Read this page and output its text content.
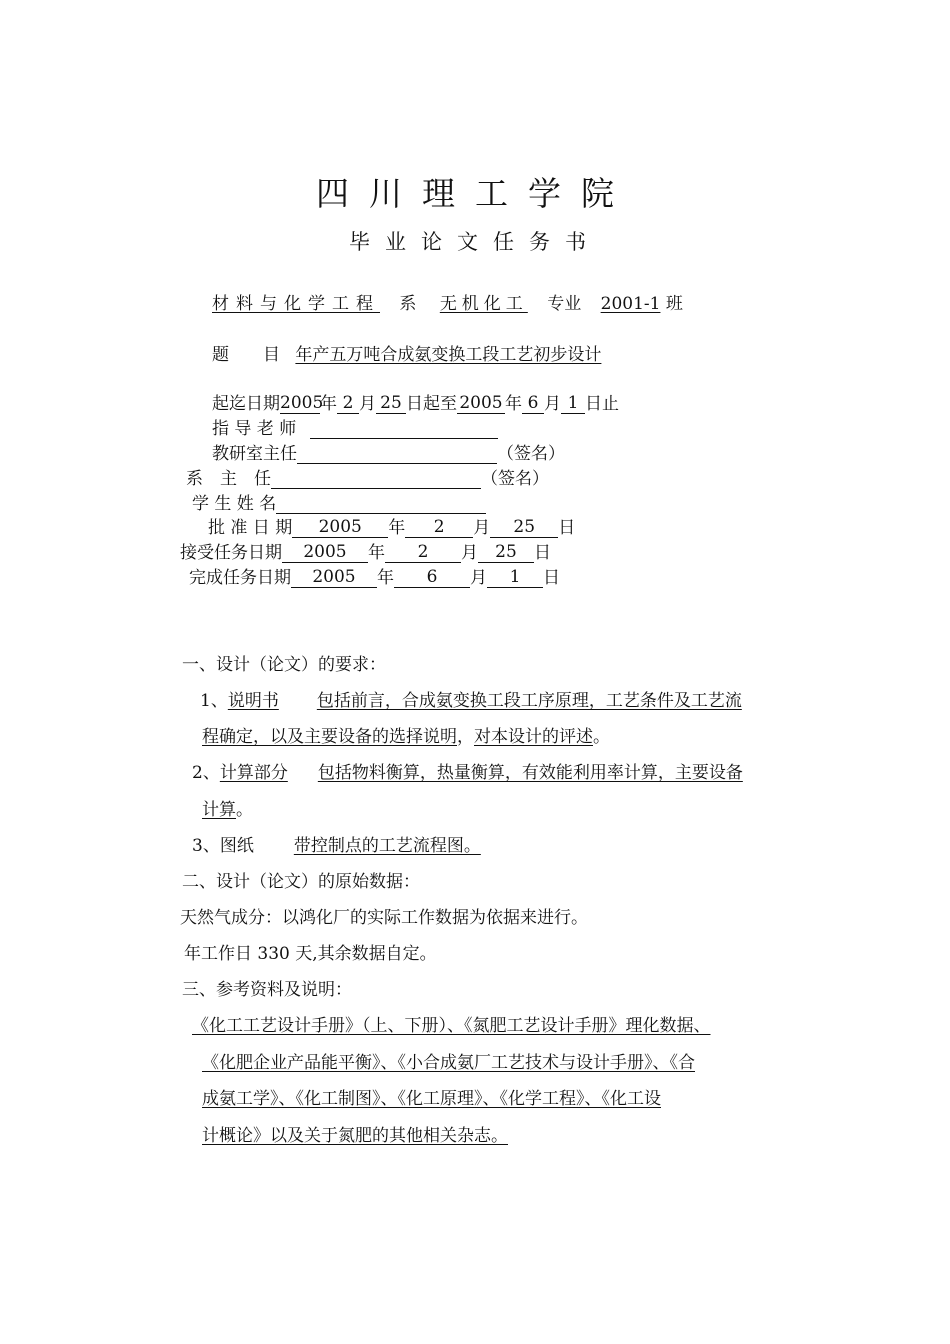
四川理工学院
毕业论文任务书
材料与化学工程 系 无机化工 专业 2001-1 班
题　　目 年产五万吨合成氨变换工段工艺初步设计
起迄日期2005年 2 月 25 日起至 2005 年 6 月 1 日止
指 导 老 师
教研室主任	（签名）
系　主　任	（签名）
学 生 姓 名
批 准 日 期 2005 年 2 月 25 日
接受任务日期 2005 年 2 月 25 日
完成任务日期 2005 年 6 月 1 日
一、设计（论文）的要求：
1、说明书 包括前言，合成氨变换工段工序原理，工艺条件及工艺流
程确定，以及主要设备的选择说明，对本设计的评述。
2、计算部分 包括物料衡算，热量衡算，有效能利用率计算，主要设备
计算。
3、图纸 带控制点的工艺流程图。
二、设计（论文）的原始数据：
天然气成分：以鸿化厂的实际工作数据为依据来进行。
年工作日 330 天,其余数据自定。
三、参考资料及说明：
《化工工艺设计手册》（上、下册）、《氮肥工艺设计手册》理化数据、
《化肥企业产品能平衡》、《小合成氨厂工艺技术与设计手册》、《合
成氨工学》、《化工制图》、《化工原理》、《化学工程》、《化工设
计概论》以及关于氮肥的其他相关杂志。
